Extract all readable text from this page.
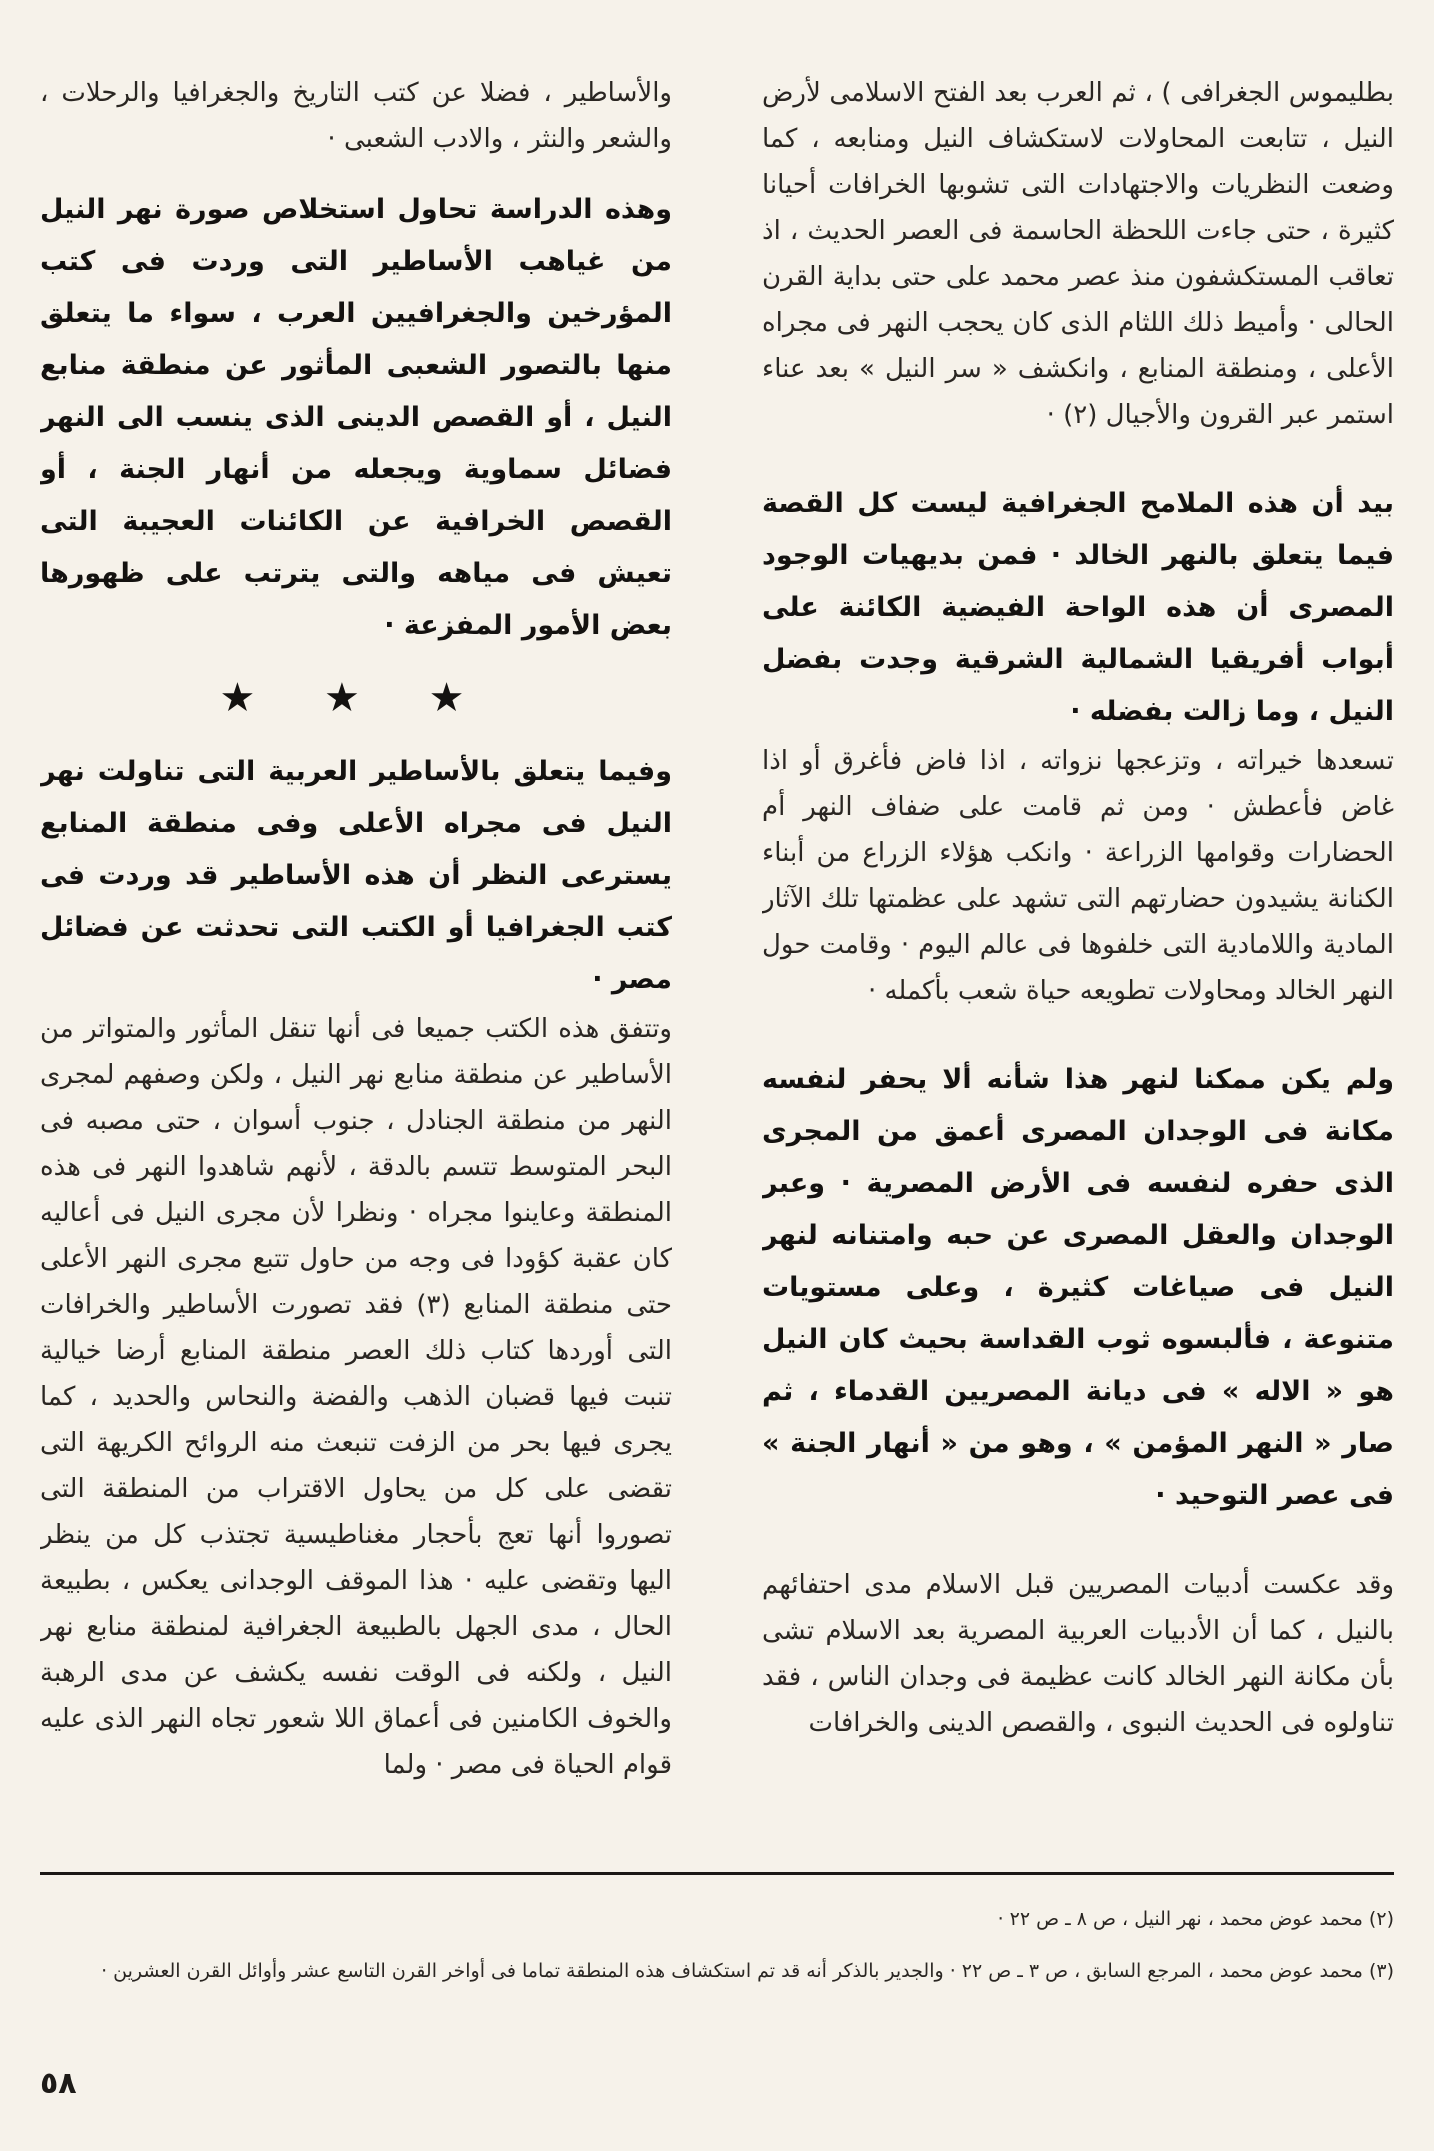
بطليموس الجغرافى ) ، ثم العرب بعد الفتح الاسلامى لأرض النيل ، تتابعت المحاولات لاستكشاف النيل ومنابعه ، كما وضعت النظريات والاجتهادات التى تشوبها الخرافات أحيانا كثيرة ، حتى جاءت اللحظة الحاسمة فى العصر الحديث ، اذ تعاقب المستكشفون منذ عصر محمد على حتى بداية القرن الحالى · وأميط ذلك اللثام الذى كان يحجب النهر فى مجراه الأعلى ، ومنطقة المنابع ، وانكشف « سر النيل » بعد عناء استمر عبر القرون والأجيال (٢) ·

بيد أن هذه الملامح الجغرافية ليست كل القصة فيما يتعلق بالنهر الخالد · فمن بديهيات الوجود المصرى أن هذه الواحة الفيضية الكائنة على أبواب أفريقيا الشمالية الشرقية وجدت بفضل النيل ، وما زالت بفضله ·

تسعدها خيراته ، وتزعجها نزواته ، اذا فاض فأغرق أو اذا غاض فأعطش · ومن ثم قامت على ضفاف النهر أم الحضارات وقوامها الزراعة · وانكب هؤلاء الزراع من أبناء الكنانة يشيدون حضارتهم التى تشهد على عظمتها تلك الآثار المادية واللامادية التى خلفوها فى عالم اليوم · وقامت حول النهر الخالد ومحاولات تطويعه حياة شعب بأكمله ·

ولم يكن ممكنا لنهر هذا شأنه ألا يحفر لنفسه مكانة فى الوجدان المصرى أعمق من المجرى الذى حفره لنفسه فى الأرض المصرية · وعبر الوجدان والعقل المصرى عن حبه وامتنانه لنهر النيل فى صياغات كثيرة ، وعلى مستويات متنوعة ، فألبسوه ثوب القداسة بحيث كان النيل هو « الاله » فى ديانة المصريين القدماء ، ثم صار « النهر المؤمن » ، وهو من « أنهار الجنة » فى عصر التوحيد ·

وقد عكست أدبيات المصريين قبل الاسلام مدى احتفائهم بالنيل ، كما أن الأدبيات العربية المصرية بعد الاسلام تشى بأن مكانة النهر الخالد كانت عظيمة فى وجدان الناس ، فقد تناولوه فى الحديث النبوى ، والقصص الدينى والخرافات

والأساطير ، فضلا عن كتب التاريخ والجغرافيا والرحلات ، والشعر والنثر ، والادب الشعبى ·

وهذه الدراسة تحاول استخلاص صورة نهر النيل من غياهب الأساطير التى وردت فى كتب المؤرخين والجغرافيين العرب ، سواء ما يتعلق منها بالتصور الشعبى المأثور عن منطقة منابع النيل ، أو القصص الدينى الذى ينسب الى النهر فضائل سماوية ويجعله من أنهار الجنة ، أو القصص الخرافية عن الكائنات العجيبة التى تعيش فى مياهه والتى يترتب على ظهورها بعض الأمور المفزعة ·

★ ★ ★

وفيما يتعلق بالأساطير العربية التى تناولت نهر النيل فى مجراه الأعلى وفى منطقة المنابع يسترعى النظر أن هذه الأساطير قد وردت فى كتب الجغرافيا أو الكتب التى تحدثت عن فضائل مصر ·

وتتفق هذه الكتب جميعا فى أنها تنقل المأثور والمتواتر من الأساطير عن منطقة منابع نهر النيل ، ولكن وصفهم لمجرى النهر من منطقة الجنادل ، جنوب أسوان ، حتى مصبه فى البحر المتوسط تتسم بالدقة ، لأنهم شاهدوا النهر فى هذه المنطقة وعاينوا مجراه · ونظرا لأن مجرى النيل فى أعاليه كان عقبة كؤودا فى وجه من حاول تتبع مجرى النهر الأعلى حتى منطقة المنابع (٣) فقد تصورت الأساطير والخرافات التى أوردها كتاب ذلك العصر منطقة المنابع أرضا خيالية تنبت فيها قضبان الذهب والفضة والنحاس والحديد ، كما يجرى فيها بحر من الزفت تنبعث منه الروائح الكريهة التى تقضى على كل من يحاول الاقتراب من المنطقة التى تصوروا أنها تعج بأحجار مغناطيسية تجتذب كل من ينظر اليها وتقضى عليه · هذا الموقف الوجدانى يعكس ، بطبيعة الحال ، مدى الجهل بالطبيعة الجغرافية لمنطقة منابع نهر النيل ، ولكنه فى الوقت نفسه يكشف عن مدى الرهبة والخوف الكامنين فى أعماق اللا شعور تجاه النهر الذى عليه قوام الحياة فى مصر · ولما

(٢) محمد عوض محمد ، نهر النيل ، ص ٨ ـ ص ٢٢ ·

(٣) محمد عوض محمد ، المرجع السابق ، ص ٣ ـ ص ٢٢ · والجدير بالذكر أنه قد تم استكشاف هذه المنطقة تماما فى أواخر القرن التاسع عشر وأوائل القرن العشرين ·

٥٨
